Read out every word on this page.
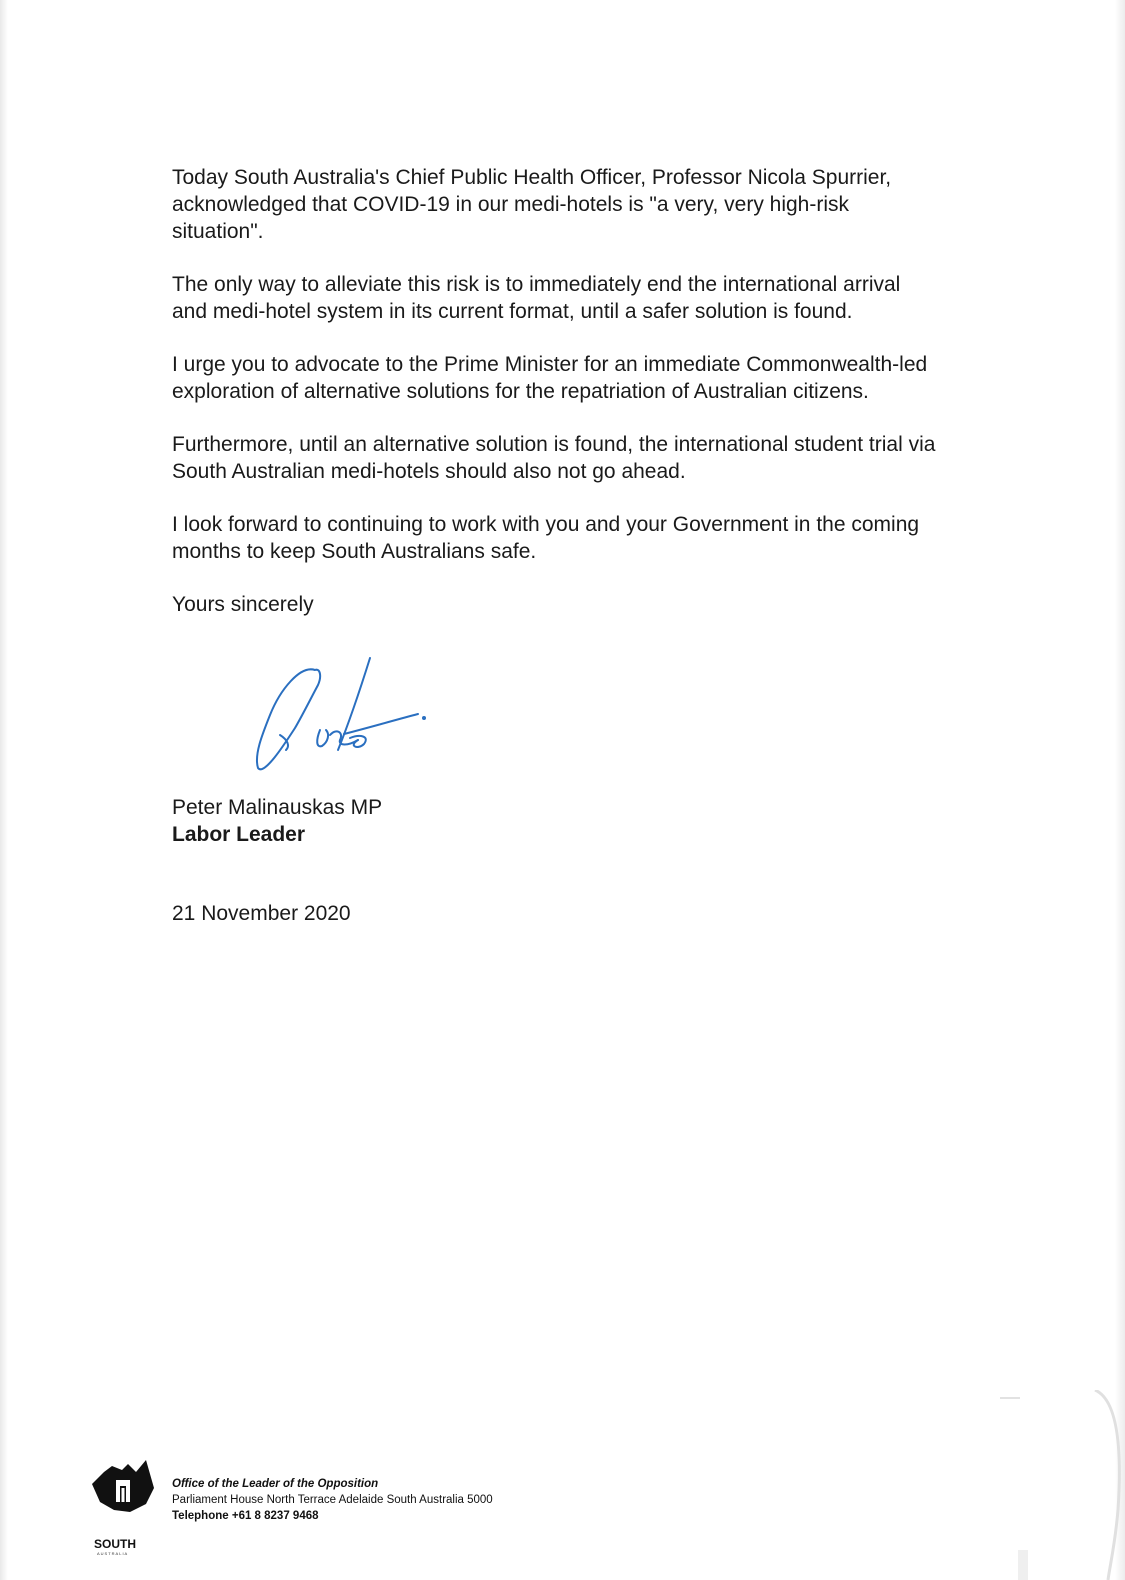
Today South Australia's Chief Public Health Officer, Professor Nicola Spurrier,
acknowledged that COVID-19 in our medi-hotels is "a very, very high-risk
situation".

The only way to alleviate this risk is to immediately end the international arrival
and medi-hotel system in its current format, until a safer solution is found.

I urge you to advocate to the Prime Minister for an immediate Commonwealth-led
exploration of alternative solutions for the repatriation of Australian citizens.

Furthermore, until an alternative solution is found, the international student trial via
South Australian medi-hotels should also not go ahead.

I look forward to continuing to work with you and your Government in the coming
months to keep South Australians safe.

Yours sincerely

Peter Malinauskas MP
Labor Leader
21 November 2020
SOUTH
AUSTRALIA
Office of the Leader of the Opposition
Parliament House North Terrace Adelaide South Australia 5000
Telephone +61 8 8237 9468
